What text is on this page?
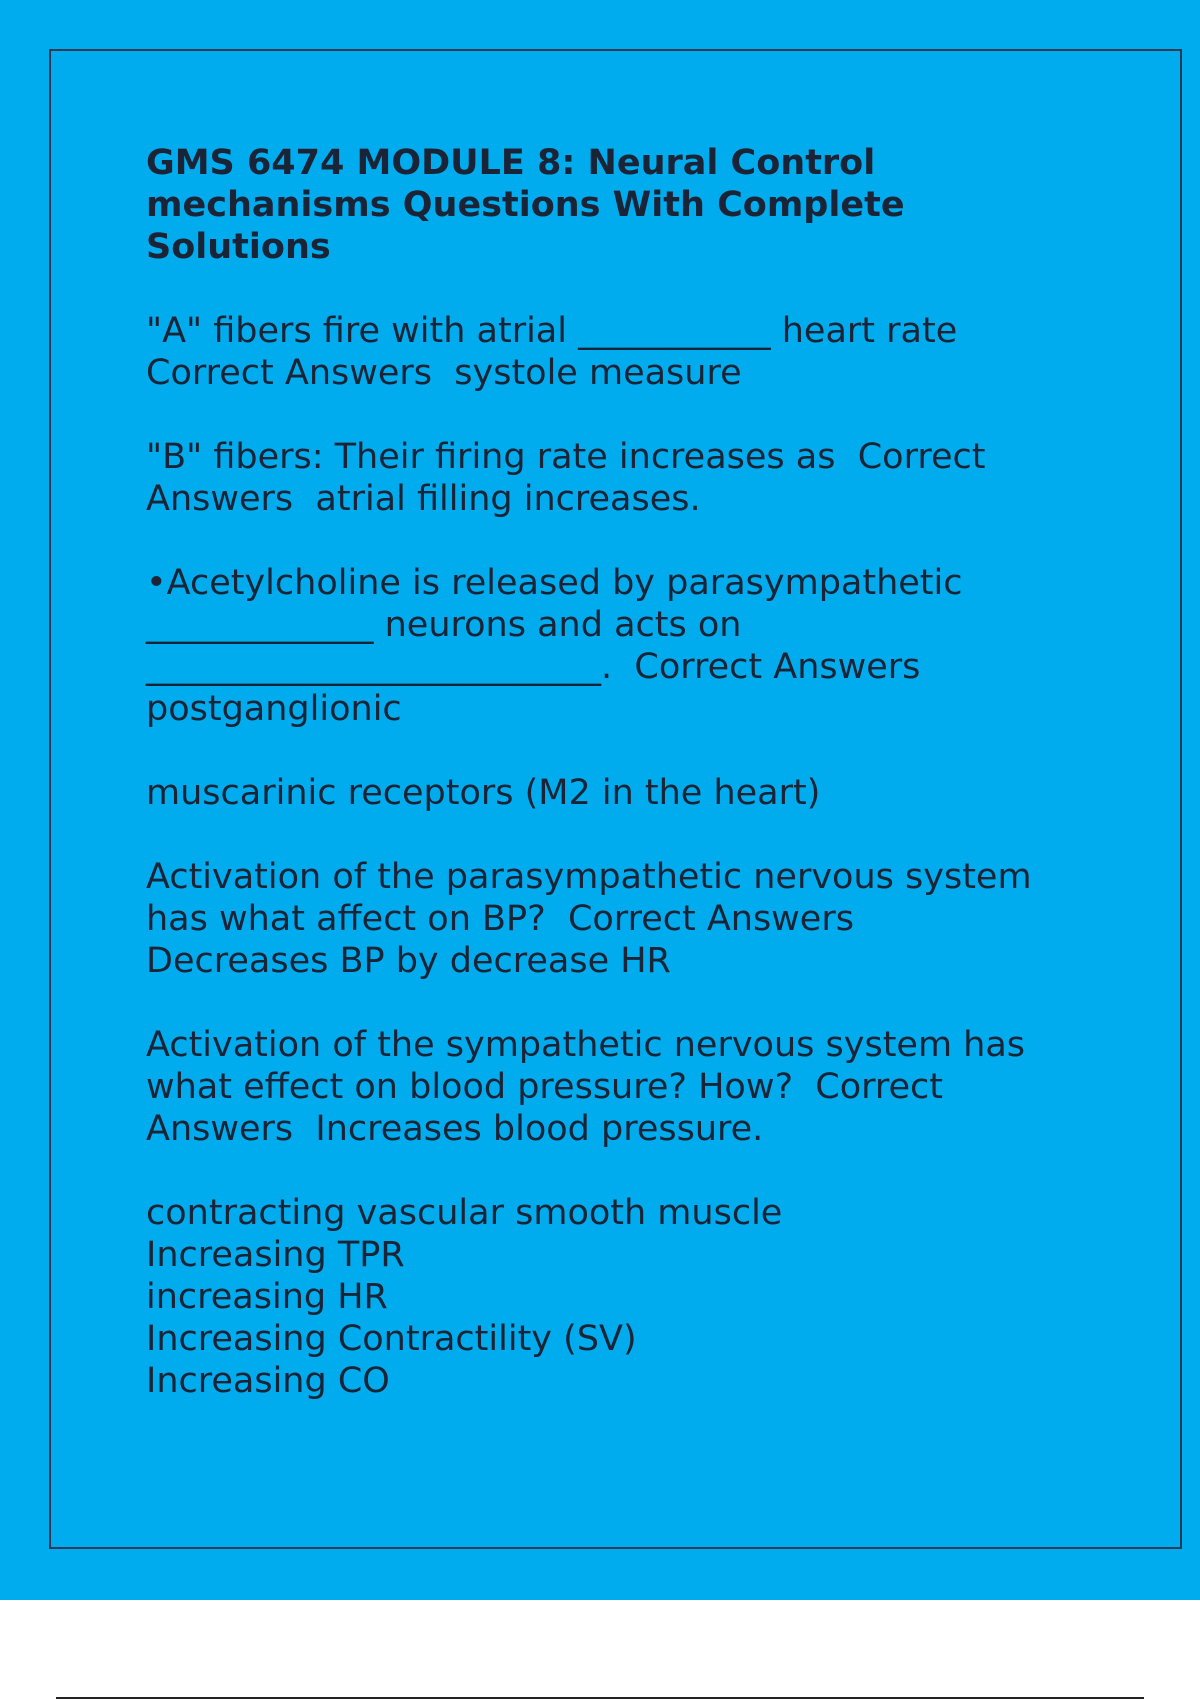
GMS 6474 MODULE 8: Neural Control
mechanisms Questions With Complete
Solutions

"A" fibers fire with atrial ___________ heart rate
Correct Answers  systole measure

"B" fibers: Their firing rate increases as  Correct
Answers  atrial filling increases.

•Acetylcholine is released by parasympathetic
_____________ neurons and acts on
__________________________.  Correct Answers
postganglionic

muscarinic receptors (M2 in the heart)

Activation of the parasympathetic nervous system
has what affect on BP?  Correct Answers
Decreases BP by decrease HR

Activation of the sympathetic nervous system has
what effect on blood pressure? How?  Correct
Answers  Increases blood pressure.

contracting vascular smooth muscle
Increasing TPR
increasing HR
Increasing Contractility (SV)
Increasing CO
